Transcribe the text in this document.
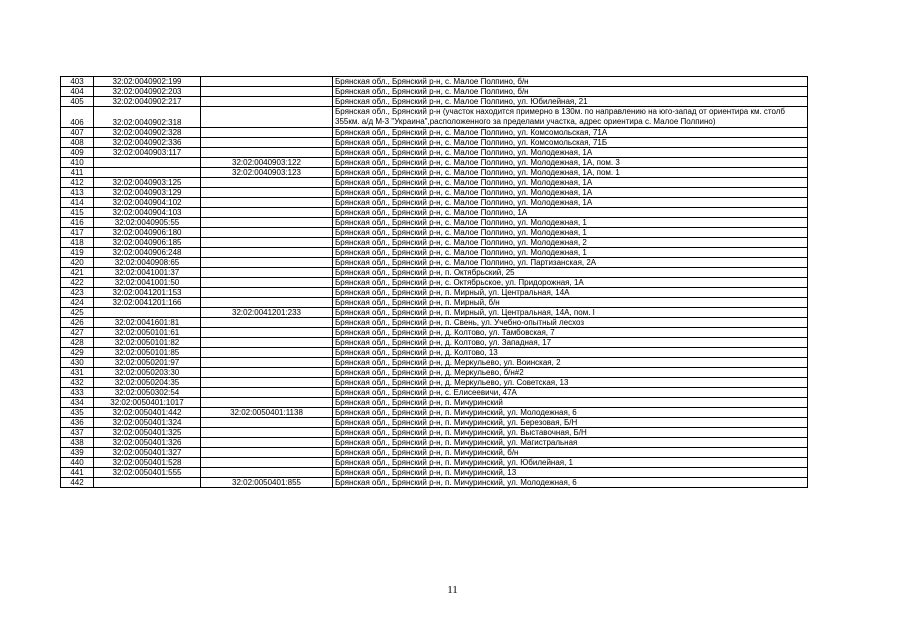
403	32:02:0040902:199		Брянская обл., Брянский р-н, с. Малое Полпино, б/н
404	32:02:0040902:203		Брянская обл., Брянский р-н, с. Малое Полпино, б/н
405	32:02:0040902:217		Брянская обл., Брянский р-н, с. Малое Полпино, ул. Юбилейная, 21
406	32:02:0040902:318		Брянская обл., Брянский р-н (участок находится примерно в 130м. по направлению на юго-запад от ориентира км. столб 355км. а/д М-3 "Украина",расположенного за пределами участка, адрес ориентира с. Малое Полпино)
407	32:02:0040902:328		Брянская обл., Брянский р-н, с. Малое Полпино, ул. Комсомольская, 71А
408	32:02:0040902:336		Брянская обл., Брянский р-н, с. Малое Полпино, ул. Комсомольская, 71Б
409	32:02:0040903:117		Брянская обл., Брянский р-н, с. Малое Полпино, ул. Молодежная, 1А
410		32:02:0040903:122	Брянская обл., Брянский р-н, с. Малое Полпино, ул. Молодежная, 1А, пом. 3
411		32:02:0040903:123	Брянская обл., Брянский р-н, с. Малое Полпино, ул. Молодежная, 1А, пом. 1
412	32:02:0040903:125		Брянская обл., Брянский р-н, с. Малое Полпино, ул. Молодежная, 1А
413	32:02:0040903:129		Брянская обл., Брянский р-н, с. Малое Полпино, ул. Молодежная, 1А
414	32:02:0040904:102		Брянская обл., Брянский р-н, с. Малое Полпино, ул. Молодежная, 1А
415	32:02:0040904:103		Брянская обл., Брянский р-н, с. Малое Полпино, 1А
416	32:02:0040905:55		Брянская обл., Брянский р-н, с. Малое Полпино, ул. Молодежная, 1
417	32:02:0040906:180		Брянская обл., Брянский р-н, с. Малое Полпино, ул. Молодежная, 1
418	32:02:0040906:185		Брянская обл., Брянский р-н, с. Малое Полпино, ул. Молодежная, 2
419	32:02:0040906:248		Брянская обл., Брянский р-н, с. Малое Полпино, ул. Молодежная, 1
420	32:02:0040908:65		Брянская обл., Брянский р-н, с. Малое Полпино, ул. Партизанская, 2А
421	32:02:0041001:37		Брянская обл., Брянский р-н, п. Октябрьский, 25
422	32:02:0041001:50		Брянская обл., Брянский р-н, с. Октябрьское, ул. Придорожная, 1А
423	32:02:0041201:153		Брянская обл., Брянский р-н, п. Мирный, ул. Центральная, 14А
424	32:02:0041201:166		Брянская обл., Брянский р-н, п. Мирный, б/н
425		32:02:0041201:233	Брянская обл., Брянский р-н, п. Мирный, ул. Центральная, 14А, пом. I
426	32:02:0041601:81		Брянская обл., Брянский р-н, п. Свень, ул. Учебно-опытный лесхоз
427	32:02:0050101:61		Брянская обл., Брянский р-н, д. Колтово, ул. Тамбовская, 7
428	32:02:0050101:82		Брянская обл., Брянский р-н, д. Колтово, ул. Западная, 17
429	32:02:0050101:85		Брянская обл., Брянский р-н, д. Колтово, 13
430	32:02:0050201:97		Брянская обл., Брянский р-н, д. Меркульево, ул. Воинская, 2
431	32:02:0050203:30		Брянская обл., Брянский р-н, д. Меркульево, б/н#2
432	32:02:0050204:35		Брянская обл., Брянский р-н, д. Меркульево, ул. Советская, 13
433	32:02:0050302:54		Брянская обл., Брянский р-н, с. Елисеевичи, 47А
434	32:02:0050401:1017		Брянская обл., Брянский р-н, п. Мичуринский
435	32:02:0050401:442	32:02:0050401:1138	Брянская обл., Брянский р-н, п. Мичуринский, ул. Молодежная, 6
436	32:02:0050401:324		Брянская обл., Брянский р-н, п. Мичуринский, ул. Березовая, Б/Н
437	32:02:0050401:325		Брянская обл., Брянский р-н, п. Мичуринский, ул. Выставочная, Б/Н
438	32:02:0050401:326		Брянская обл., Брянский р-н, п. Мичуринский, ул. Магистральная
439	32:02:0050401:327		Брянская обл., Брянский р-н, п. Мичуринский, б/н
440	32:02:0050401:528		Брянская обл., Брянский р-н, п. Мичуринский, ул. Юбилейная, 1
441	32:02:0050401:555		Брянская обл., Брянский р-н, п. Мичуринский, 13
442		32:02:0050401:855	Брянская обл., Брянский р-н, п. Мичуринский, ул. Молодежная, 6
11
